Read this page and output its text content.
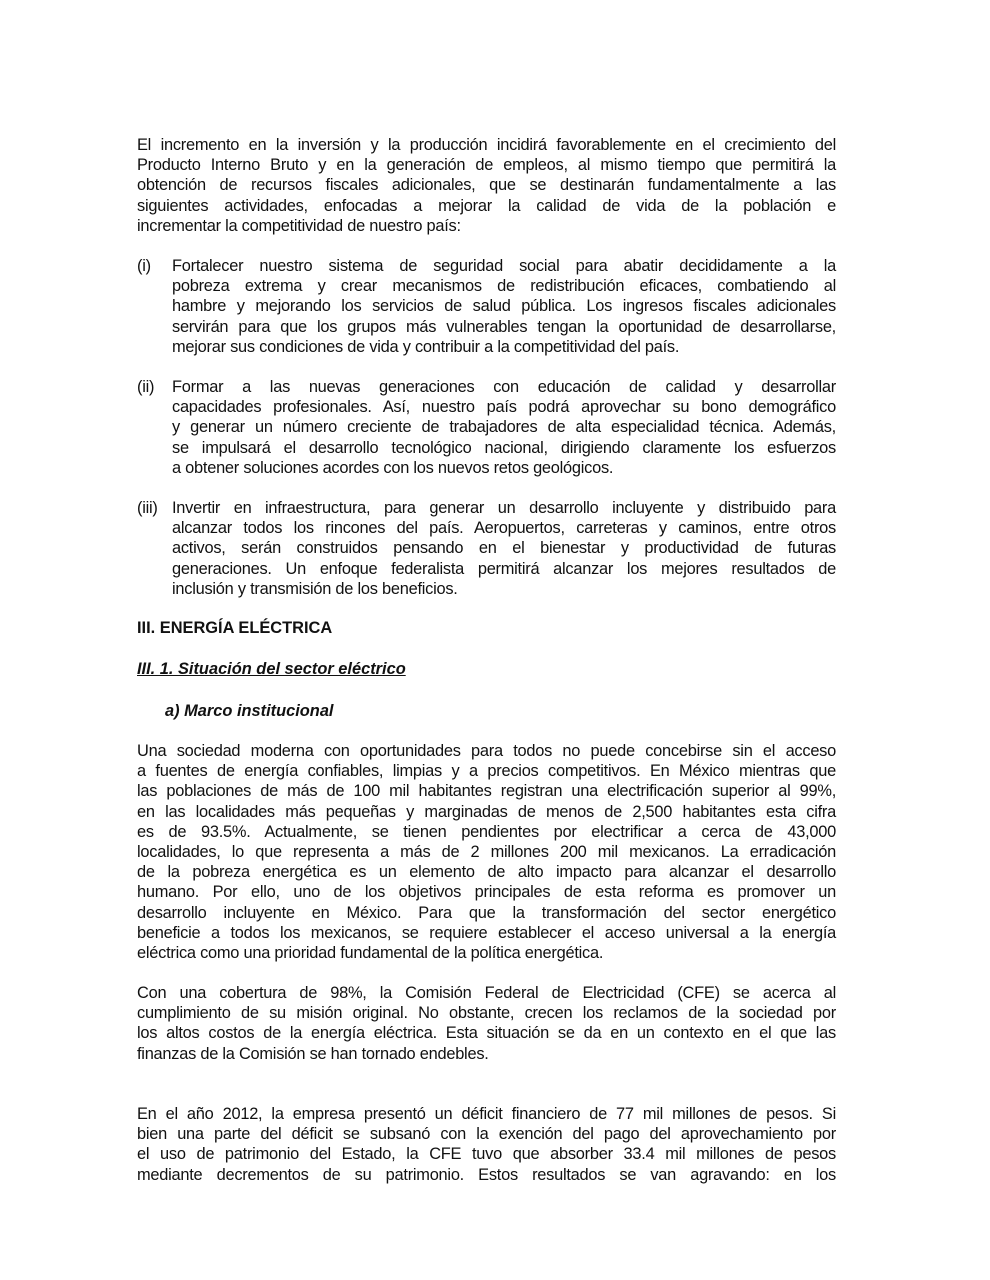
El incremento en la inversión y la producción incidirá favorablemente en el crecimiento del
Producto Interno Bruto y en la generación de empleos, al mismo tiempo que permitirá la
obtención de recursos fiscales adicionales, que se destinarán fundamentalmente a las
siguientes actividades, enfocadas a mejorar la calidad de vida de la población e
incrementar la competitividad de nuestro país:
(i) Fortalecer nuestro sistema de seguridad social para abatir decididamente a la
pobreza extrema y crear mecanismos de redistribución eficaces, combatiendo al
hambre y mejorando los servicios de salud pública. Los ingresos fiscales adicionales
servirán para que los grupos más vulnerables tengan la oportunidad de desarrollarse,
mejorar sus condiciones de vida y contribuir a la competitividad del país.
(ii) Formar a las nuevas generaciones con educación de calidad y desarrollar
capacidades profesionales. Así, nuestro país podrá aprovechar su bono demográfico
y generar un número creciente de trabajadores de alta especialidad técnica. Además,
se impulsará el desarrollo tecnológico nacional, dirigiendo claramente los esfuerzos
a obtener soluciones acordes con los nuevos retos geológicos.
(iii) Invertir en infraestructura, para generar un desarrollo incluyente y distribuido para
alcanzar todos los rincones del país. Aeropuertos, carreteras y caminos, entre otros
activos, serán construidos pensando en el bienestar y productividad de futuras
generaciones. Un enfoque federalista permitirá alcanzar los mejores resultados de
inclusión y transmisión de los beneficios.
III. ENERGÍA ELÉCTRICA
III. 1. Situación del sector eléctrico
a) Marco institucional
Una sociedad moderna con oportunidades para todos no puede concebirse sin el acceso
a fuentes de energía confiables, limpias y a precios competitivos. En México mientras que
las poblaciones de más de 100 mil habitantes registran una electrificación superior al 99%,
en las localidades más pequeñas y marginadas de menos de 2,500 habitantes esta cifra
es de 93.5%. Actualmente, se tienen pendientes por electrificar a cerca de 43,000
localidades, lo que representa a más de 2 millones 200 mil mexicanos. La erradicación
de la pobreza energética es un elemento de alto impacto para alcanzar el desarrollo
humano. Por ello, uno de los objetivos principales de esta reforma es promover un
desarrollo incluyente en México. Para que la transformación del sector energético
beneficie a todos los mexicanos, se requiere establecer el acceso universal a la energía
eléctrica como una prioridad fundamental de la política energética.
Con una cobertura de 98%, la Comisión Federal de Electricidad (CFE) se acerca al
cumplimiento de su misión original. No obstante, crecen los reclamos de la sociedad por
los altos costos de la energía eléctrica. Esta situación se da en un contexto en el que las
finanzas de la Comisión se han tornado endebles.
En el año 2012, la empresa presentó un déficit financiero de 77 mil millones de pesos. Si
bien una parte del déficit se subsanó con la exención del pago del aprovechamiento por
el uso de patrimonio del Estado, la CFE tuvo que absorber 33.4 mil millones de pesos
mediante decrementos de su patrimonio. Estos resultados se van agravando: en los
